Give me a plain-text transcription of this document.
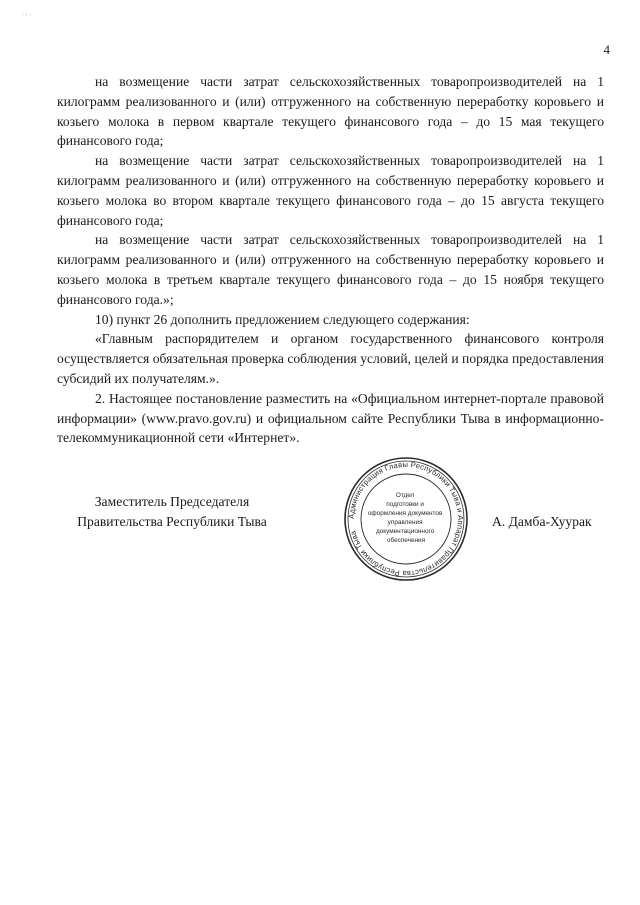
' ' '
4

на возмещение части затрат сельскохозяйственных товаропроизводителей на 1 килограмм реализованного и (или) отгруженного на собственную переработку коровьего и козьего молока в первом квартале текущего финансового года – до 15 мая текущего финансового года;

на возмещение части затрат сельскохозяйственных товаропроизводителей на 1 килограмм реализованного и (или) отгруженного на собственную переработку коровьего и козьего молока во втором квартале текущего финансового года – до 15 августа текущего финансового года;

на возмещение части затрат сельскохозяйственных товаропроизводителей на 1 килограмм реализованного и (или) отгруженного на собственную переработку коровьего и козьего молока в третьем квартале текущего финансового года – до 15 ноября текущего финансового года.»;

10) пункт 26 дополнить предложением следующего содержания:

«Главным распорядителем и органом государственного финансового контроля осуществляется обязательная проверка соблюдения условий, целей и порядка предоставления субсидий их получателям.».

2. Настоящее постановление разместить на «Официальном интернет-портале правовой информации» (www.pravo.gov.ru) и официальном сайте Республики Тыва в информационно-телекоммуникационной сети «Интернет».

Заместитель Председателя
Правительства Республики Тыва	А. Дамба-Хуурак
Администрация Главы Республики Тыва и Аппарат Правительства Республики Тыва
Отдел подготовки и оформления документов управления документационного обеспечения
